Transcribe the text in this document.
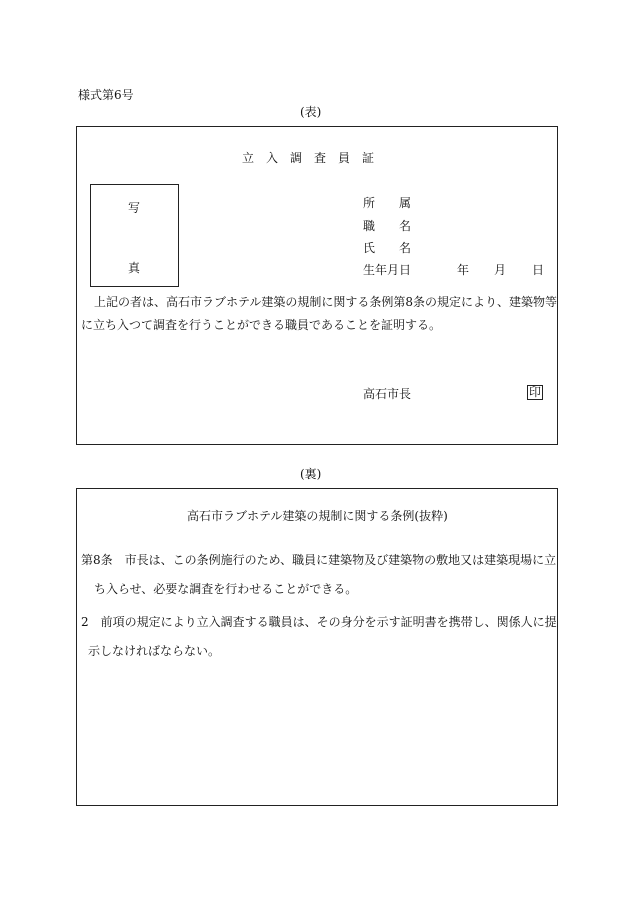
様式第6号
(表)
立　入　調　査　員　証
写
真
所　　属
職　　名
氏　　名
生年月日	年 月 日
上記の者は、高石市ラブホテル建築の規制に関する条例第8条の規定により、建築物等
に立ち入つて調査を行うことができる職員であることを証明する。
高石市長	印
(裏)
高石市ラブホテル建築の規制に関する条例(抜粋)
第8条　市長は、この条例施行のため、職員に建築物及び建築物の敷地又は建築現場に立
ち入らせ、必要な調査を行わせることができる。
2　前項の規定により立入調査する職員は、その身分を示す証明書を携帯し、関係人に提
示しなければならない。
